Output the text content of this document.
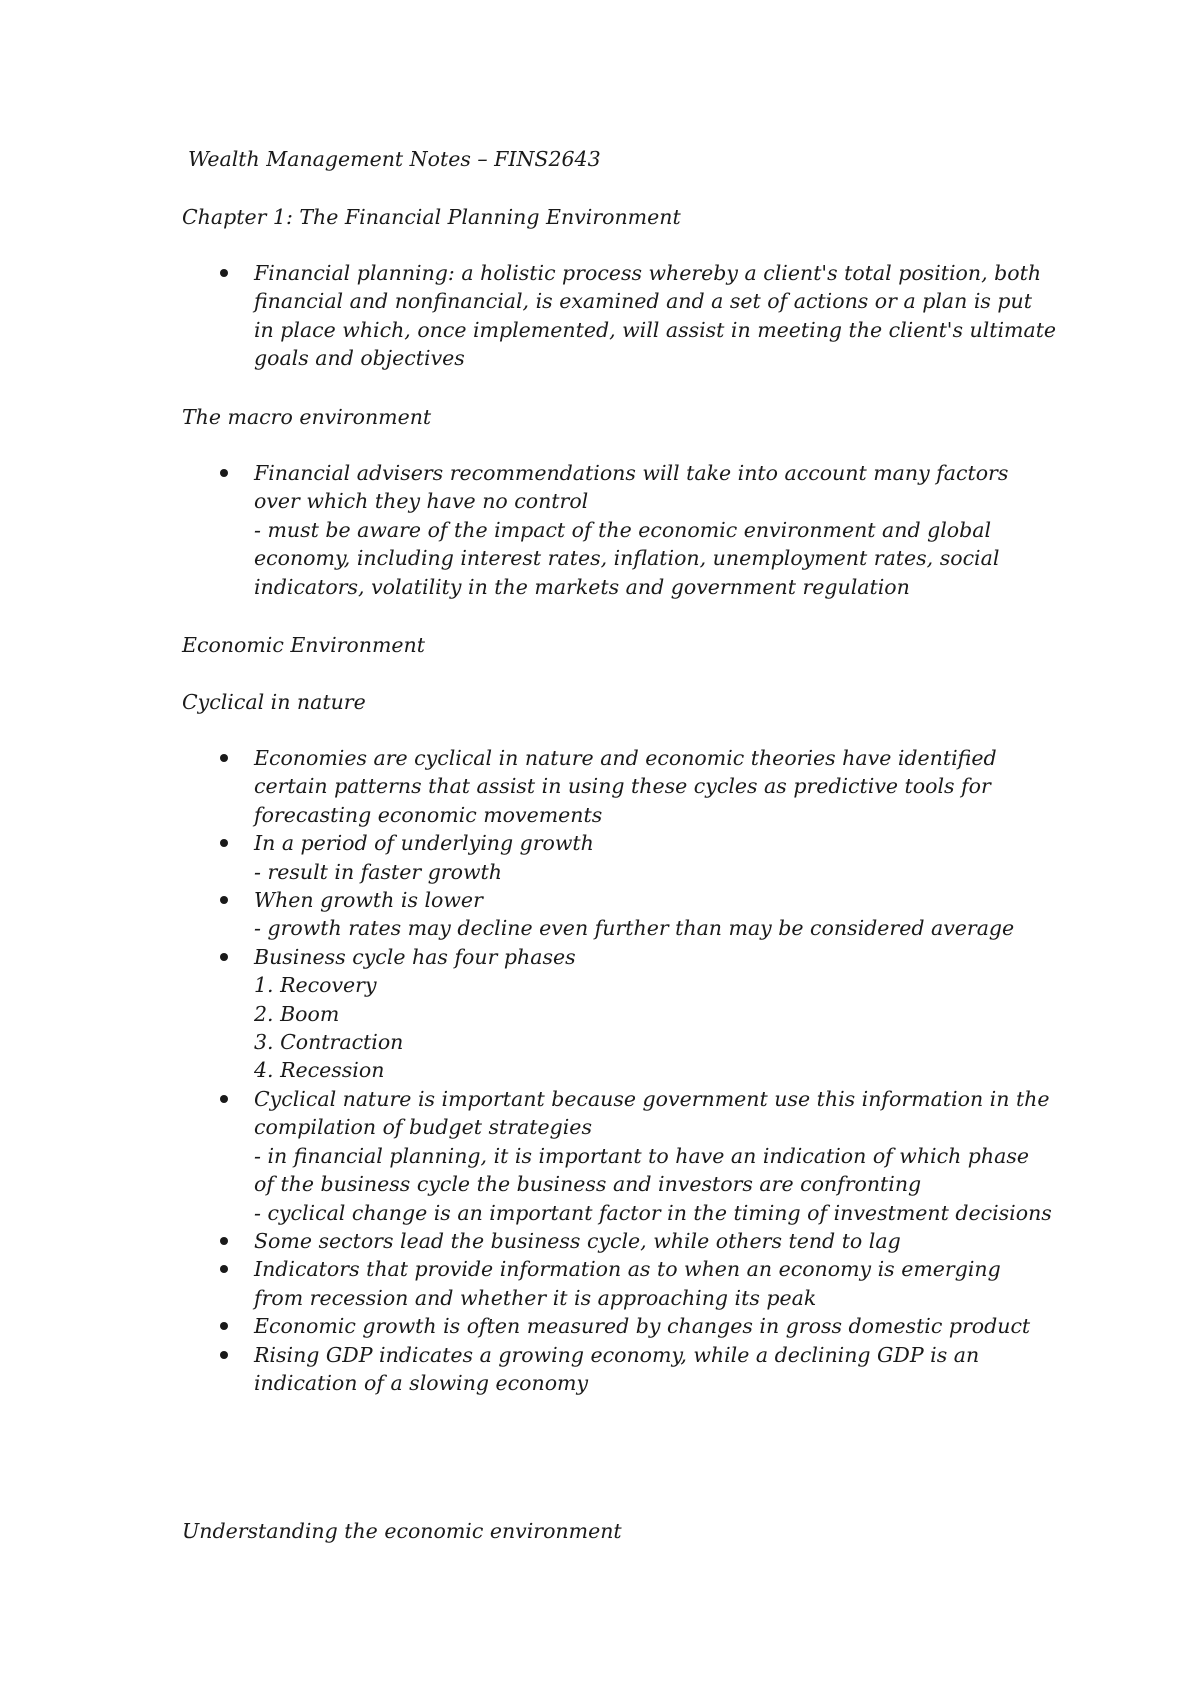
Wealth Management Notes – FINS2643
Chapter 1: The Financial Planning Environment
Financial planning: a holistic process whereby a client's total position, both
financial and nonfinancial, is examined and a set of actions or a plan is put
in place which, once implemented, will assist in meeting the client's ultimate
goals and objectives
The macro environment
Financial advisers recommendations will take into account many factors
over which they have no control
- must be aware of the impact of the economic environment and global
economy, including interest rates, inflation, unemployment rates, social
indicators, volatility in the markets and government regulation
Economic Environment
Cyclical in nature
Economies are cyclical in nature and economic theories have identified
certain patterns that assist in using these cycles as predictive tools for
forecasting economic movements
In a period of underlying growth
- result in faster growth
When growth is lower
- growth rates may decline even further than may be considered average
Business cycle has four phases
1. Recovery
2. Boom
3. Contraction
4. Recession
Cyclical nature is important because government use this information in the
compilation of budget strategies
- in financial planning, it is important to have an indication of which phase
of the business cycle the business and investors are confronting
- cyclical change is an important factor in the timing of investment decisions
Some sectors lead the business cycle, while others tend to lag
Indicators that provide information as to when an economy is emerging
from recession and whether it is approaching its peak
Economic growth is often measured by changes in gross domestic product
Rising GDP indicates a growing economy, while a declining GDP is an
indication of a slowing economy
Understanding the economic environment
